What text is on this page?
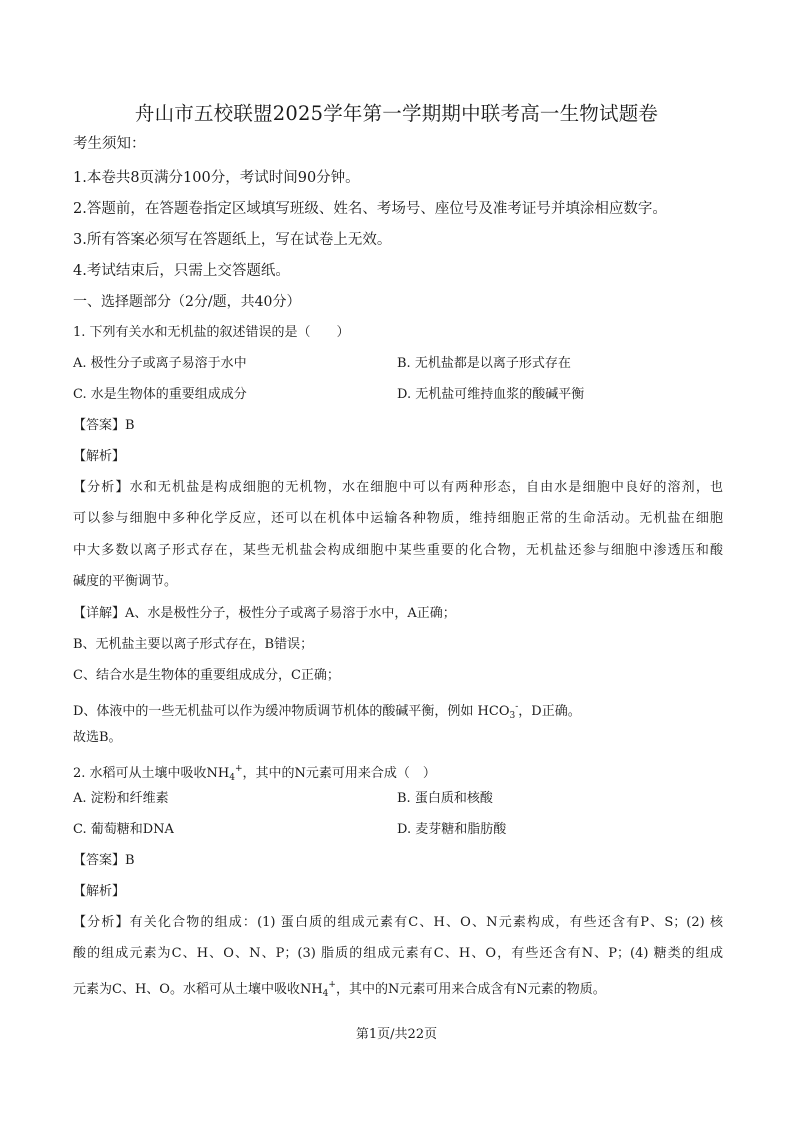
舟山市五校联盟2025学年第一学期期中联考高一生物试题卷
考生须知：
1.本卷共8页满分100分，考试时间90分钟。
2.答题前，在答题卷指定区域填写班级、姓名、考场号、座位号及准考证号并填涂相应数字。
3.所有答案必须写在答题纸上，写在试卷上无效。
4.考试结束后，只需上交答题纸。
一、选择题部分（2分/题，共40分）
1. 下列有关水和无机盐的叙述错误的是（　　）
A. 极性分子或离子易溶于水中	B. 无机盐都是以离子形式存在
C. 水是生物体的重要组成成分	D. 无机盐可维持血浆的酸碱平衡
【答案】B
【解析】
【分析】水和无机盐是构成细胞的无机物，水在细胞中可以有两种形态，自由水是细胞中良好的溶剂，也
可以参与细胞中多种化学反应，还可以在机体中运输各种物质，维持细胞正常的生命活动。无机盐在细胞
中大多数以离子形式存在，某些无机盐会构成细胞中某些重要的化合物，无机盐还参与细胞中渗透压和酸
碱度的平衡调节。
【详解】A、水是极性分子，极性分子或离子易溶于水中，A正确；
B、无机盐主要以离子形式存在，B错误；
C、结合水是生物体的重要组成成分，C正确；
D、体液中的一些无机盐可以作为缓冲物质调节机体的酸碱平衡，例如 $HCO_3^-$，D正确。
故选B。
2. 水稻可从土壤中吸收$NH_4^+$，其中的N元素可用来合成（　）
A. 淀粉和纤维素	B. 蛋白质和核酸
C. 葡萄糖和DNA	D. 麦芽糖和脂肪酸
【答案】B
【解析】
【分析】有关化合物的组成：(1) 蛋白质的组成元素有C、H、O、N元素构成，有些还含有P、S；(2) 核
酸的组成元素为C、H、O、N、P；(3) 脂质的组成元素有C、H、O，有些还含有N、P；(4) 糖类的组成
元素为C、H、O。水稻可从土壤中吸收$NH_4^+$，其中的N元素可用来合成含有N元素的物质。
第1页/共22页
